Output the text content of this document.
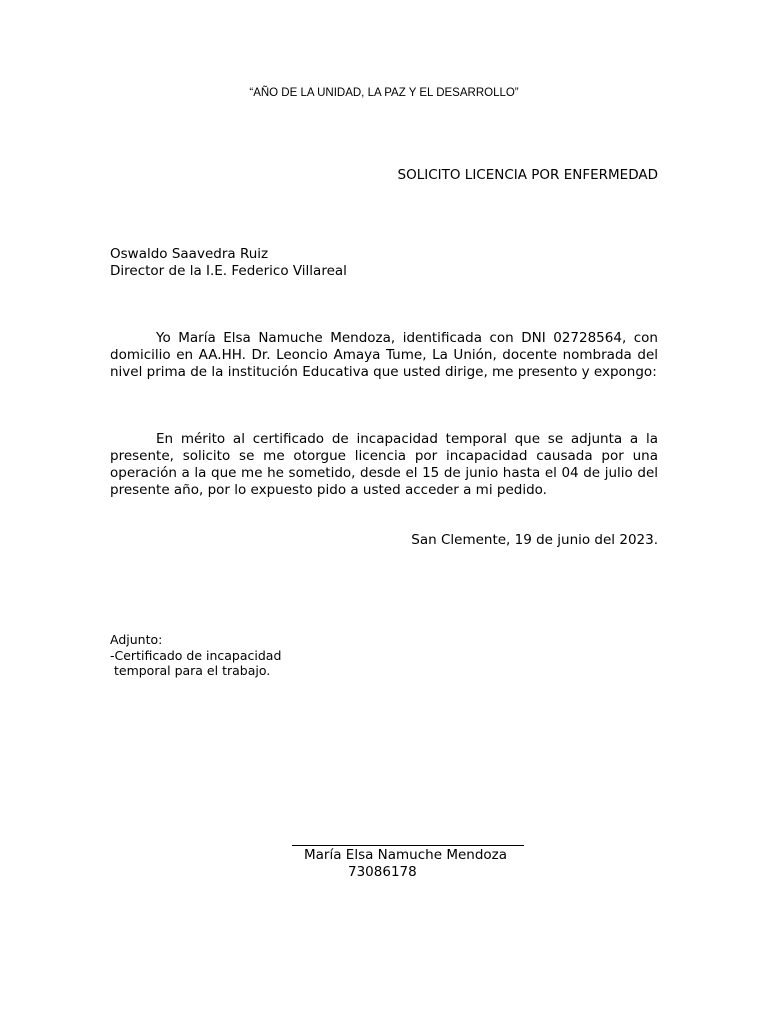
“AÑO DE LA UNIDAD, LA PAZ Y EL DESARROLLO”
SOLICITO LICENCIA POR ENFERMEDAD
Oswaldo Saavedra Ruiz
Director de la I.E. Federico Villareal

Yo María Elsa Namuche Mendoza, identificada con DNI 02728564, con domicilio en AA.HH. Dr. Leoncio Amaya Tume, La Unión, docente nombrada del nivel prima de la institución Educativa que usted dirige, me presento y expongo:

En mérito al certificado de incapacidad temporal que se adjunta a la presente, solicito se me otorgue licencia por incapacidad causada por una operación a la que me he sometido, desde el 15 de junio hasta el 04 de julio del presente año, por lo expuesto pido a usted acceder a mi pedido.

San Clemente, 19 de junio del 2023.
Adjunto:
-Certificado de incapacidad
temporal para el trabajo.
María Elsa Namuche Mendoza
73086178
